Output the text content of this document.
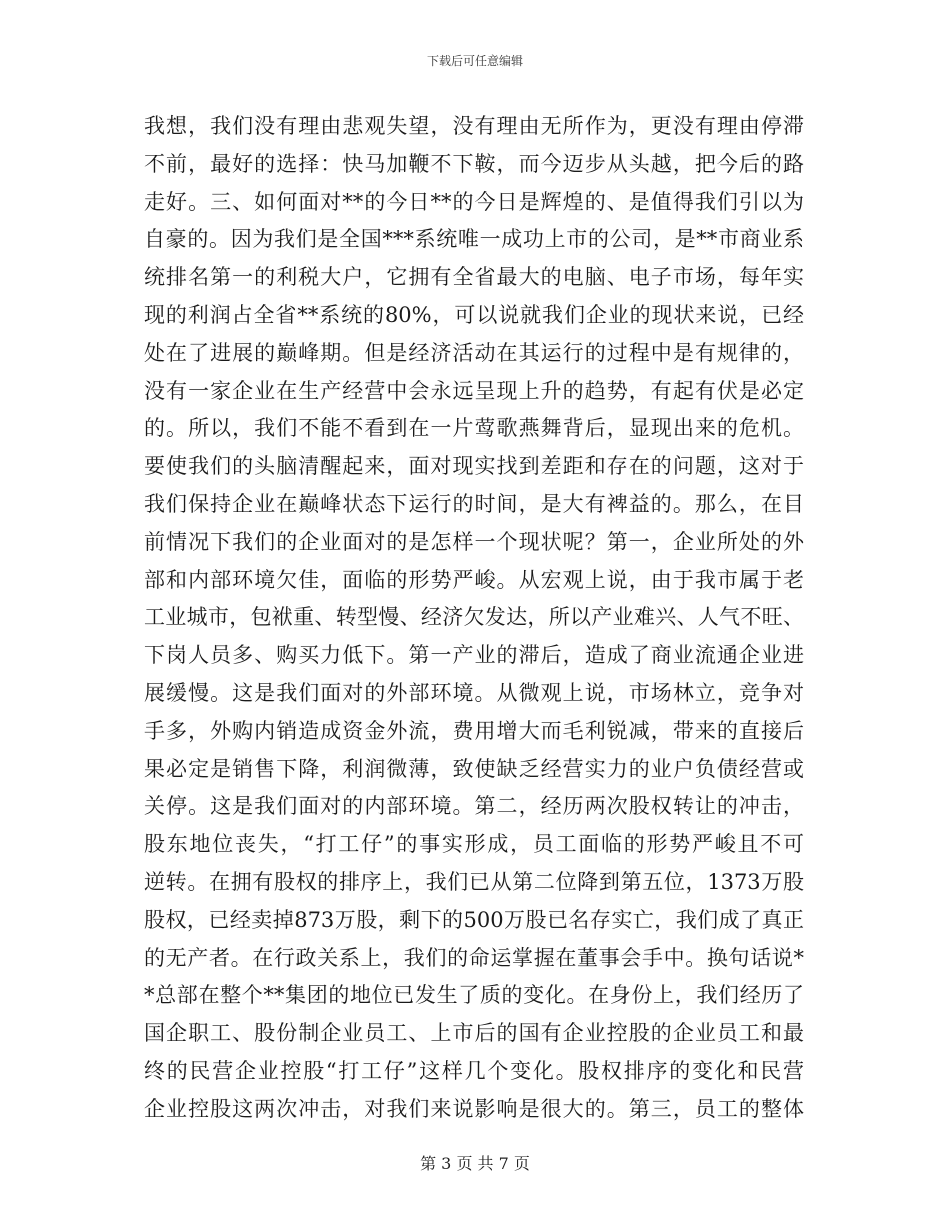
下载后可任意编辑
我想，我们没有理由悲观失望，没有理由无所作为，更没有理由停滞
不前，最好的选择：快马加鞭不下鞍，而今迈步从头越，把今后的路
走好。三、如何面对**的今日**的今日是辉煌的、是值得我们引以为
自豪的。因为我们是全国***系统唯一成功上市的公司，是**市商业系
统排名第一的利税大户，它拥有全省最大的电脑、电子市场，每年实
现的利润占全省**系统的80%，可以说就我们企业的现状来说，已经
处在了进展的巅峰期。但是经济活动在其运行的过程中是有规律的，
没有一家企业在生产经营中会永远呈现上升的趋势，有起有伏是必定
的。所以，我们不能不看到在一片莺歌燕舞背后，显现出来的危机。
要使我们的头脑清醒起来，面对现实找到差距和存在的问题，这对于
我们保持企业在巅峰状态下运行的时间，是大有裨益的。那么，在目
前情况下我们的企业面对的是怎样一个现状呢？第一，企业所处的外
部和内部环境欠佳，面临的形势严峻。从宏观上说，由于我市属于老
工业城市，包袱重、转型慢、经济欠发达，所以产业难兴、人气不旺、
下岗人员多、购买力低下。第一产业的滞后，造成了商业流通企业进
展缓慢。这是我们面对的外部环境。从微观上说，市场林立，竞争对
手多，外购内销造成资金外流，费用增大而毛利锐减，带来的直接后
果必定是销售下降，利润微薄，致使缺乏经营实力的业户负债经营或
关停。这是我们面对的内部环境。第二，经历两次股权转让的冲击，
股东地位丧失，“打工仔”的事实形成，员工面临的形势严峻且不可
逆转。在拥有股权的排序上，我们已从第二位降到第五位，1373万股
股权，已经卖掉873万股，剩下的500万股已名存实亡，我们成了真正
的无产者。在行政关系上，我们的命运掌握在董事会手中。换句话说*
*总部在整个**集团的地位已发生了质的变化。在身份上，我们经历了
国企职工、股份制企业员工、上市后的国有企业控股的企业员工和最
终的民营企业控股“打工仔”这样几个变化。股权排序的变化和民营
企业控股这两次冲击，对我们来说影响是很大的。第三，员工的整体
第 3 页 共 7 页
